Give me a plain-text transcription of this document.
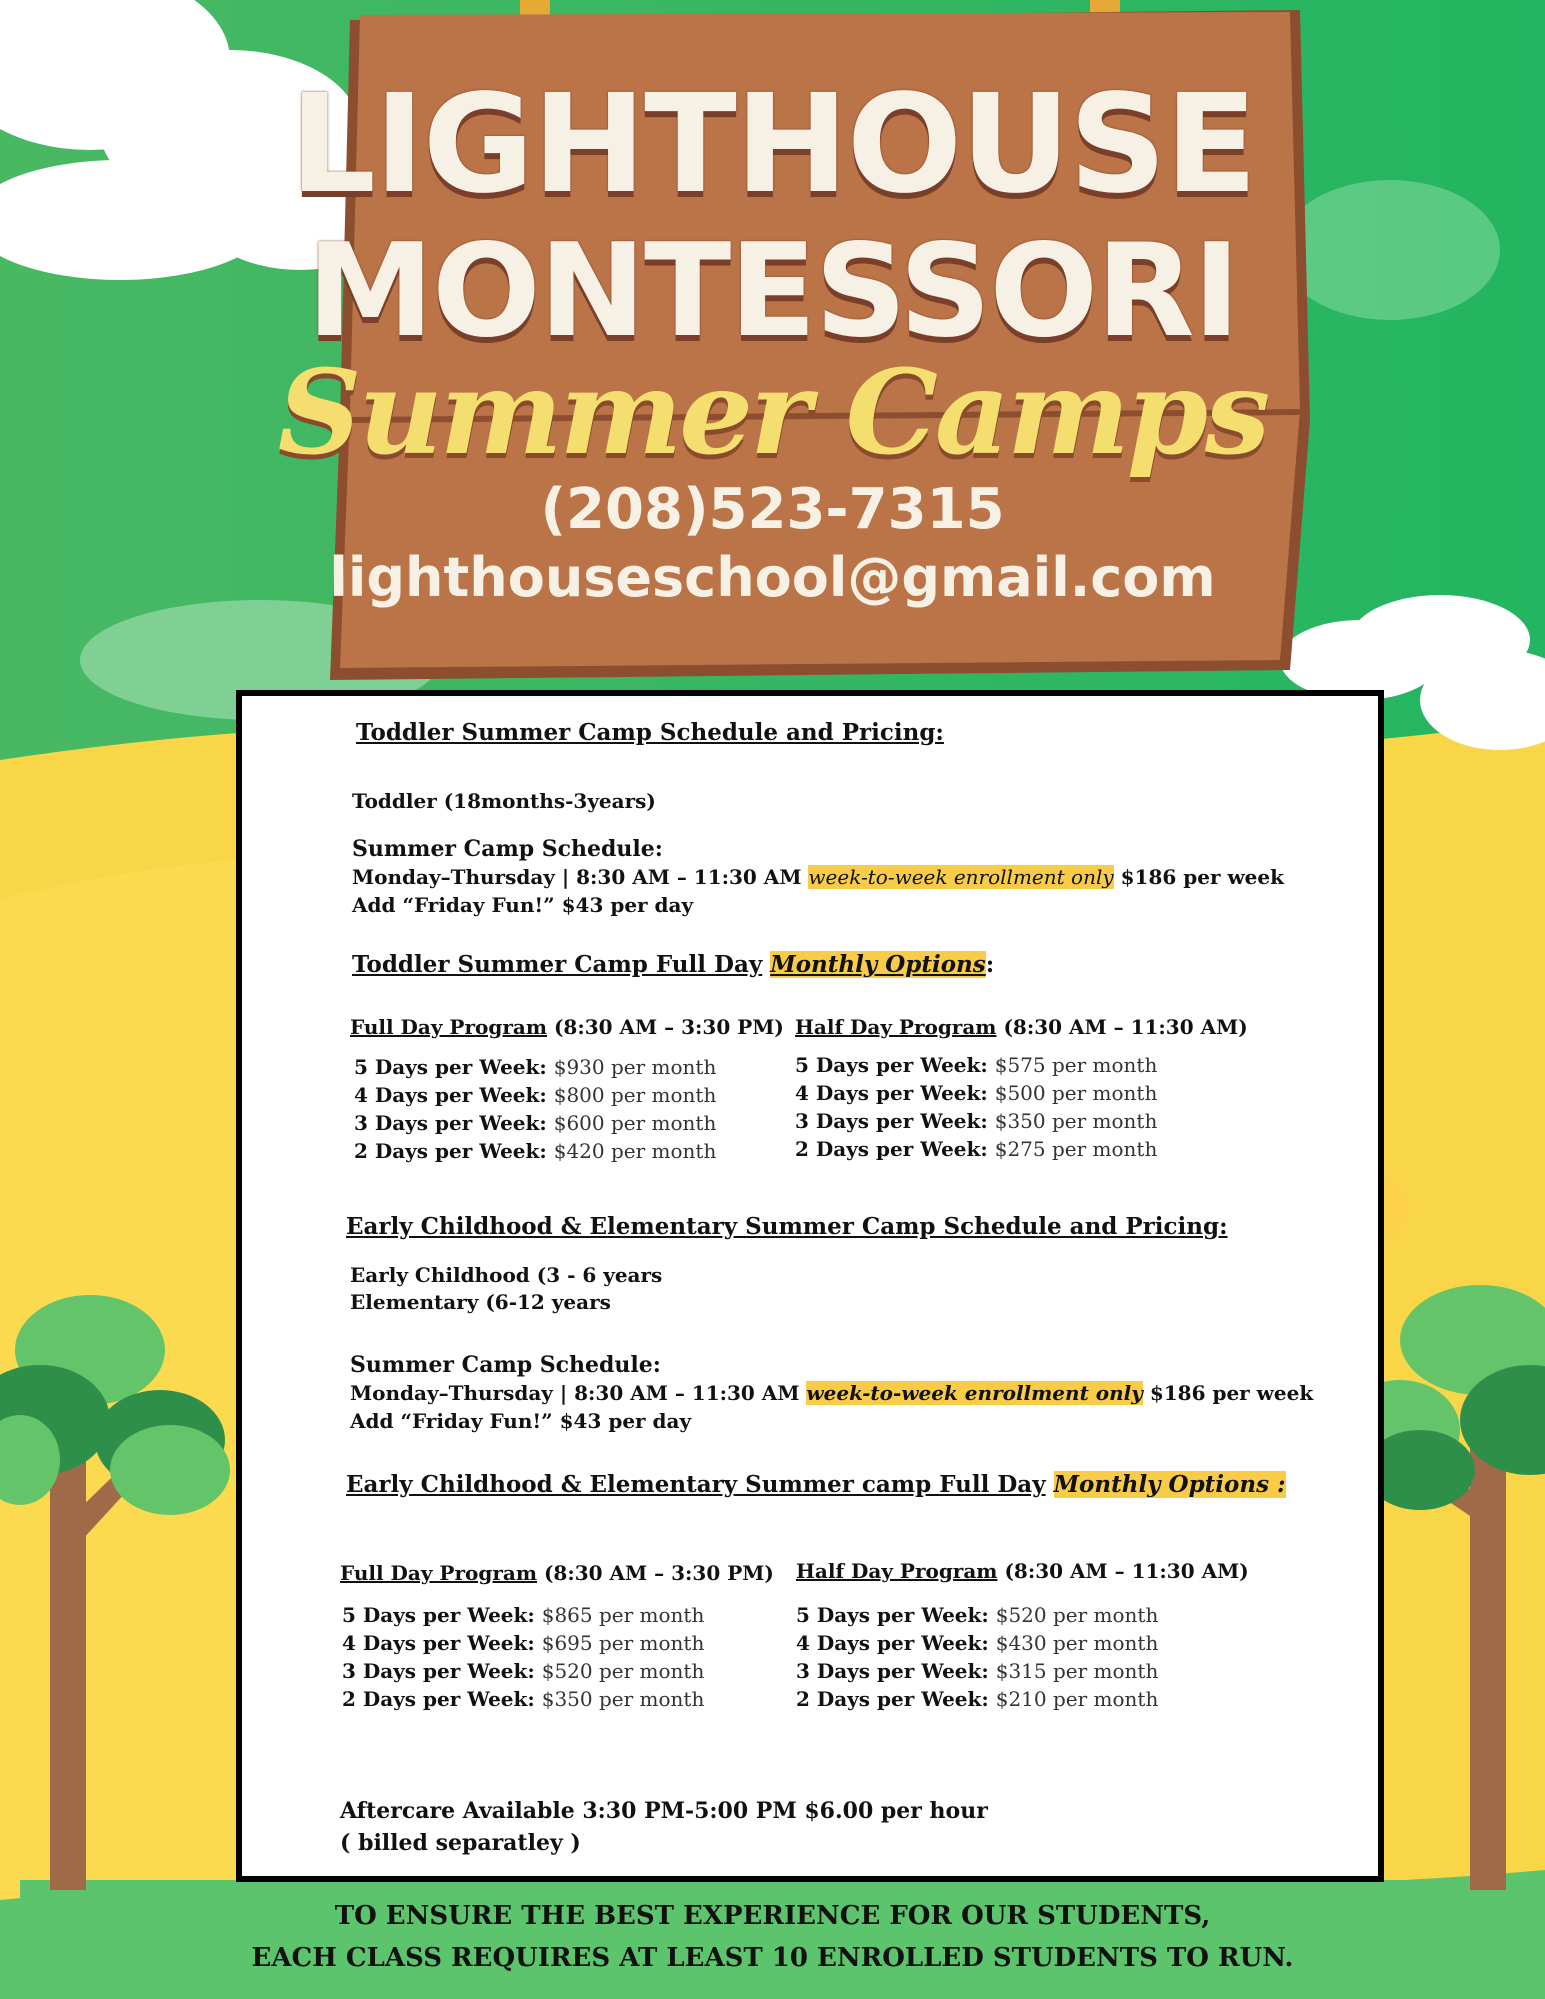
LIGHTHOUSE
MONTESSORI
Summer Camps
(208)523-7315
lighthouseschool@gmail.com
Toddler Summer Camp Schedule and Pricing:
Toddler (18months-3years)
Summer Camp Schedule:
Monday–Thursday | 8:30 AM – 11:30 AM week-to-week enrollment only $186 per week
Add “Friday Fun!” $43 per day
Toddler Summer Camp Full Day Monthly Options:
Full Day Program (8:30 AM – 3:30 PM)
5 Days per Week: $930 per month
4 Days per Week: $800 per month
3 Days per Week: $600 per month
2 Days per Week: $420 per month
Half Day Program (8:30 AM – 11:30 AM)
5 Days per Week: $575 per month
4 Days per Week: $500 per month
3 Days per Week: $350 per month
2 Days per Week: $275 per month
Early Childhood & Elementary Summer Camp Schedule and Pricing:
Early Childhood (3 - 6 years
Elementary (6-12 years
Summer Camp Schedule:
Monday–Thursday | 8:30 AM – 11:30 AM week-to-week enrollment only $186 per week
Add “Friday Fun!” $43 per day
Early Childhood & Elementary Summer camp Full Day Monthly Options :
Full Day Program (8:30 AM – 3:30 PM)
5 Days per Week: $865 per month
4 Days per Week: $695 per month
3 Days per Week: $520 per month
2 Days per Week: $350 per month
Half Day Program (8:30 AM – 11:30 AM)
5 Days per Week: $520 per month
4 Days per Week: $430 per month
3 Days per Week: $315 per month
2 Days per Week: $210 per month
Aftercare Available 3:30 PM-5:00 PM $6.00 per hour
( billed separatley )
TO ENSURE THE BEST EXPERIENCE FOR OUR STUDENTS,
EACH CLASS REQUIRES AT LEAST 10 ENROLLED STUDENTS TO RUN.
